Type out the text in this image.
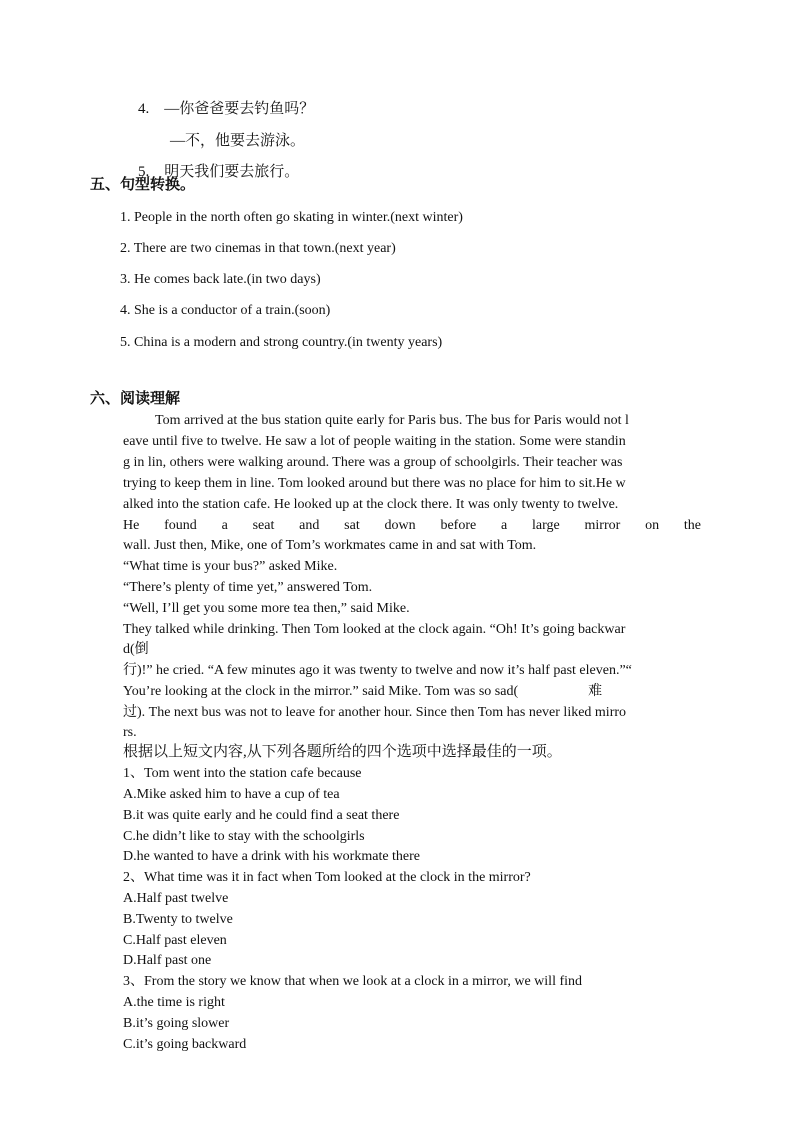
4. —你爸爸要去钓鱼吗？

—不，他要去游泳。

5. 明天我们要去旅行。

五、句型转换。
1. People in the north often go skating in winter.(next winter)
2. There are two cinemas in that town.(next year)
3. He comes back late.(in two days)
4. She is a conductor of a train.(soon)
5. China is a modern and strong country.(in twenty years)
六、阅读理解
Tom arrived at the bus station quite early for Paris bus. The bus for Paris would not l
eave until five to twelve. He saw a lot of people waiting in the station. Some were standin
g in lin, others were walking around. There was a group of schoolgirls. Their teacher was
trying to keep them in line. Tom looked around but there was no place for him to sit.He w
alked into the station cafe. He looked up at the clock there. It was only twenty to twelve.
He found a seat and sat down before a large mirror on the
wall. Just then, Mike, one of Tom’s workmates came in and sat with Tom.
“What time is your bus?” asked Mike.
“There’s plenty of time yet,” answered Tom.
“Well, I’ll get you some more tea then,” said Mike.
They talked while drinking. Then Tom looked at the clock again. “Oh! It’s going backwar
d(倒
行)!” he cried. “A few minutes ago it was twenty to twelve and now it’s half past eleven.”“
You’re looking at the clock in the mirror.” said Mike. Tom was so sad(                    难
过). The next bus was not to leave for another hour. Since then Tom has never liked mirro
rs.
根据以上短文内容,从下列各题所给的四个选项中选择最佳的一项。
1、Tom went into the station cafe because
A.Mike asked him to have a cup of tea
B.it was quite early and he could find a seat there
C.he didn’t like to stay with the schoolgirls
D.he wanted to have a drink with his workmate there
2、What time was it in fact when Tom looked at the clock in the mirror?
A.Half past twelve
B.Twenty to twelve
C.Half past eleven
D.Half past one
3、From the story we know that when we look at a clock in a mirror, we will find
A.the time is right
B.it’s going slower
C.it’s going backward
